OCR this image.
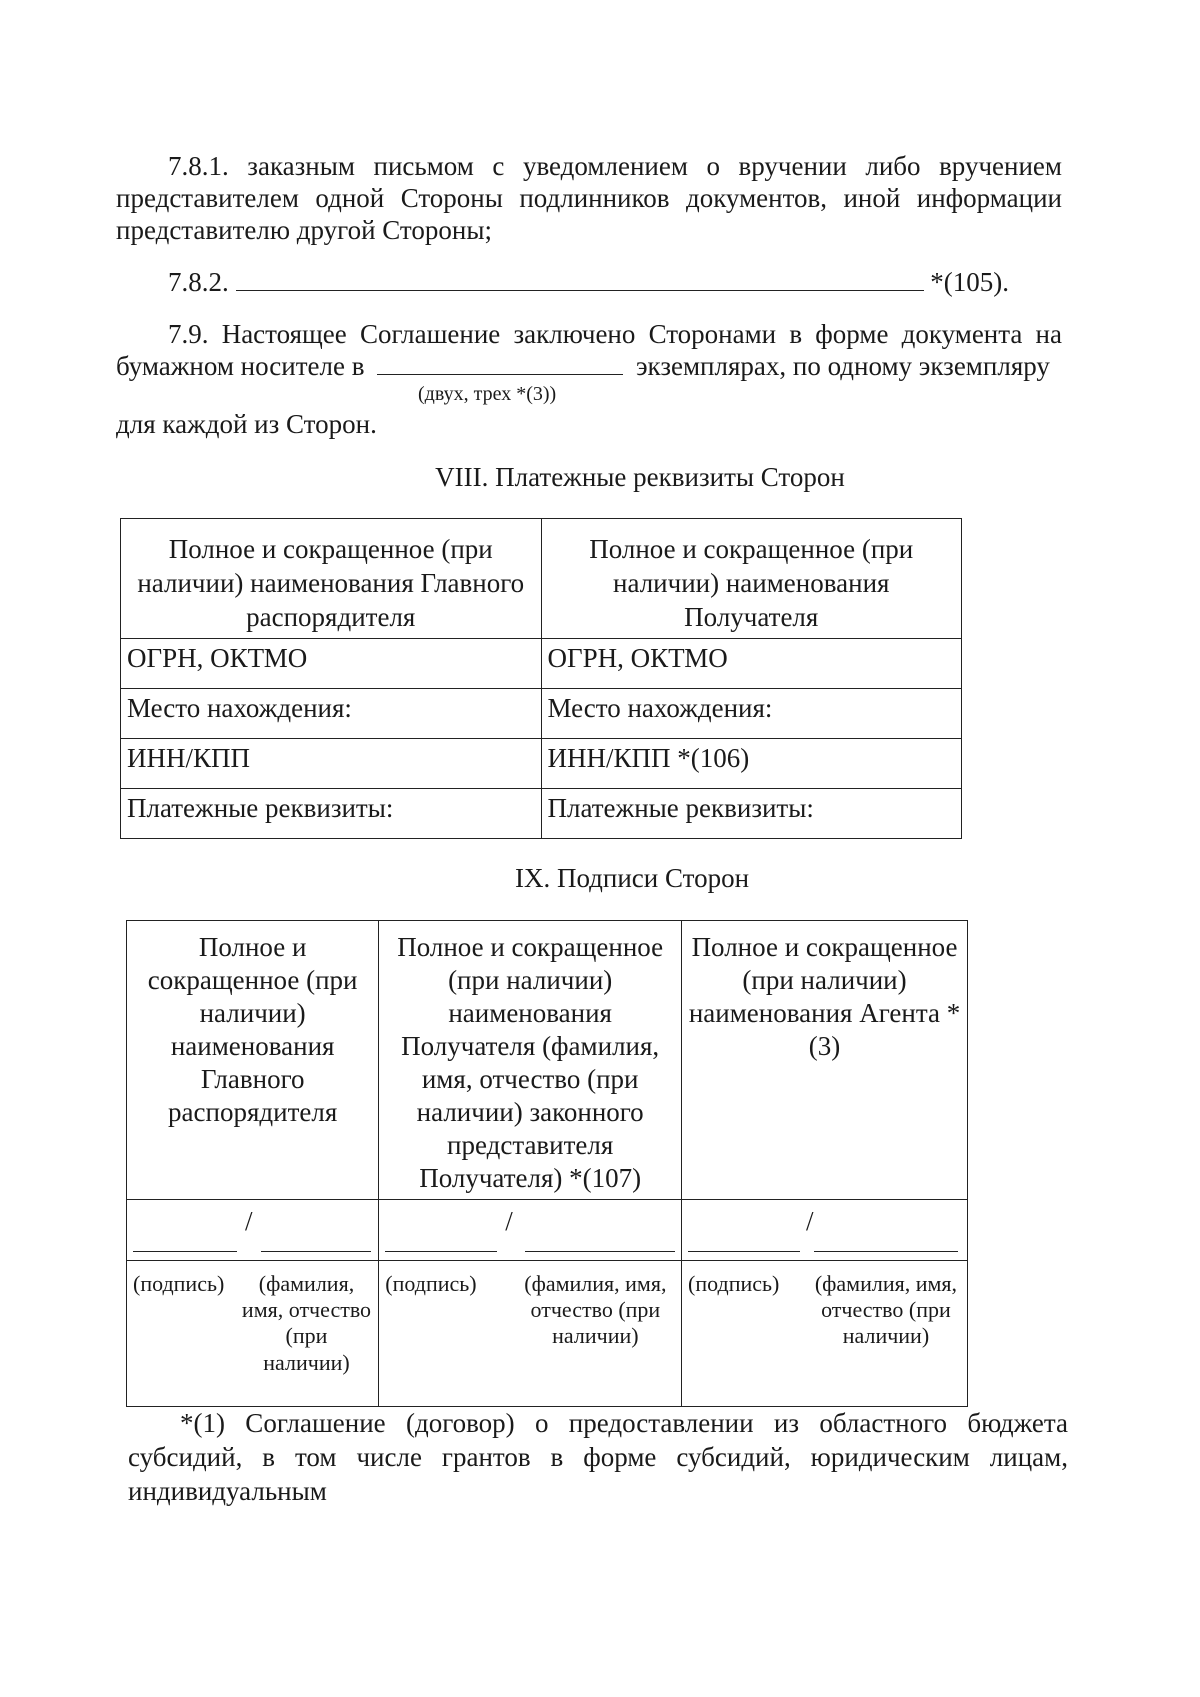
7.8.1. заказным письмом с уведомлением о вручении либо вручением представителем одной Стороны подлинников документов, иной информации представителю другой Стороны;
7.8.2.	*(105).
7.9. Настоящее Соглашение заключено Сторонами в форме документа на
бумажном носителе в	экземплярах, по одному экземпляру
(двух, трех *(3))
для каждой из Сторон.
VIII. Платежные реквизиты Сторон
Полное и сокращенное (при наличии) наименования Главного распорядителя	Полное и сокращенное (при наличии) наименования Получателя
ОГРН, ОКТМО	ОГРН, ОКТМО
Место нахождения:	Место нахождения:
ИНН/КПП	ИНН/КПП *(106)
Платежные реквизиты:	Платежные реквизиты:
IX. Подписи Сторон
Полное и сокращенное (при наличии) наименования Главного распорядителя	Полное и сокращенное (при наличии) наименования Получателя (фамилия, имя, отчество (при наличии) законного представителя Получателя) *(107)	Полное и сокращенное (при наличии) наименования Агента *(3)

/	/	/

(подпись) (фамилия, имя, отчество (при наличии)	(подпись) (фамилия, имя, отчество (при наличии)	(подпись) (фамилия, имя, отчество (при наличии)
*(1) Соглашение (договор) о предоставлении из областного бюджета субсидий, в том числе грантов в форме субсидий, юридическим лицам, индивидуальным
